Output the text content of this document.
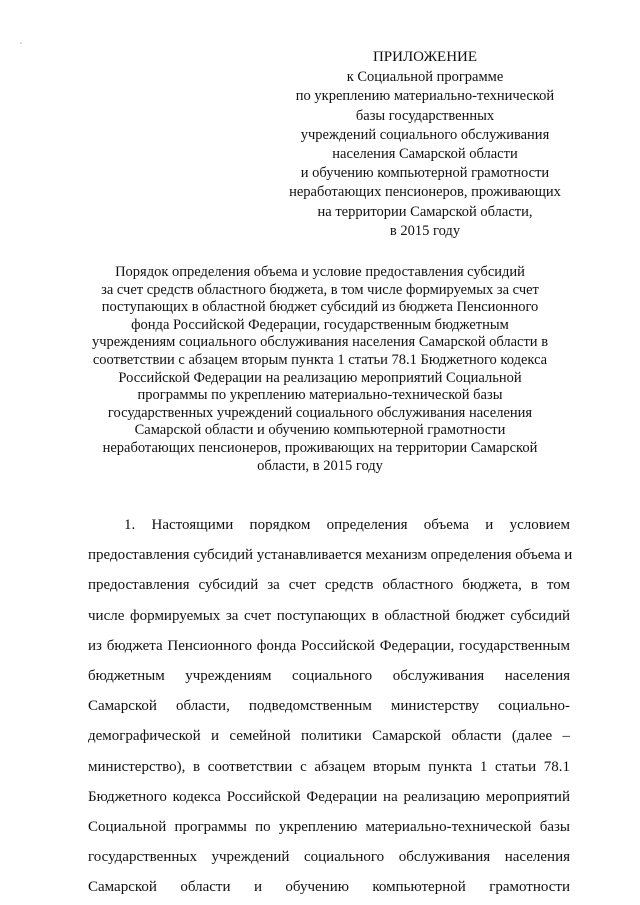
ПРИЛОЖЕНИЕ
к Социальной программе
по укреплению материально-технической
базы государственных
учреждений социального обслуживания
населения Самарской области
и обучению компьютерной грамотности
неработающих пенсионеров, проживающих
на территории Самарской области,
в 2015 году
Порядок определения объема и условие предоставления субсидий
за счет средств областного бюджета, в том числе формируемых за счет
поступающих в областной бюджет субсидий из бюджета Пенсионного
фонда Российской Федерации, государственным бюджетным
учреждениям социального обслуживания населения Самарской области в
соответствии с абзацем вторым пункта 1 статьи 78.1 Бюджетного кодекса
Российской Федерации на реализацию мероприятий Социальной
программы по укреплению материально-технической базы
государственных учреждений социального обслуживания населения
Самарской области и обучению компьютерной грамотности
неработающих пенсионеров, проживающих на территории Самарской
области, в 2015 году
1. Настоящими порядком определения объема и условием
предоставления субсидий устанавливается механизм определения объема и
предоставления субсидий за счет средств областного бюджета, в том
числе формируемых за счет поступающих в областной бюджет субсидий
из бюджета Пенсионного фонда Российской Федерации, государственным
бюджетным учреждениям социального обслуживания населения
Самарской области, подведомственным министерству социально-
демографической и семейной политики Самарской области (далее –
министерство), в соответствии с абзацем вторым пункта 1 статьи 78.1
Бюджетного кодекса Российской Федерации на реализацию мероприятий
Социальной программы по укреплению материально-технической базы
государственных учреждений социального обслуживания населения
Самарской области и обучению компьютерной грамотности
